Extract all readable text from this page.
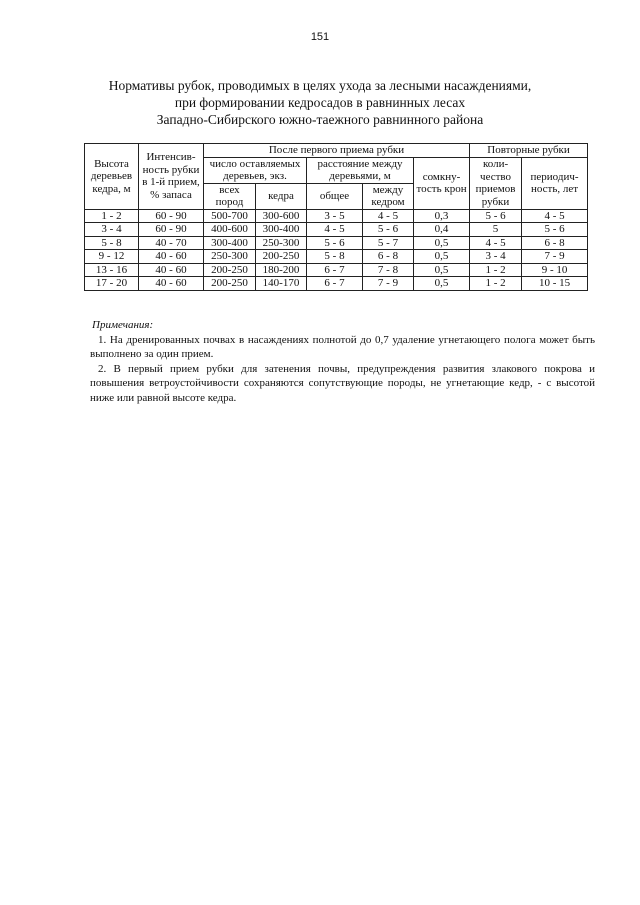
151
Нормативы рубок, проводимых в целях ухода за лесными насаждениями,
при формировании кедросадов в равнинных лесах
Западно-Сибирского южно-таежного равнинного района
Высота деревьев кедра, м	Интенсив-ность рубки в 1-й прием, % запаса	После первого приема рубки					Повторные рубки	
		число оставляемых деревьев, экз.		расстояние между деревьями, м		сомкну-тость крон	коли-чество приемов рубки	периодич-ность, лет
		всех пород	кедра	общее	между кедром			
1 - 2	60 - 90	500-700	300-600	3 - 5	4 - 5	0,3	5 - 6	4 - 5
3 - 4	60 - 90	400-600	300-400	4 - 5	5 - 6	0,4	5	5 - 6
5 - 8	40 - 70	300-400	250-300	5 - 6	5 - 7	0,5	4 - 5	6 - 8
9 - 12	40 - 60	250-300	200-250	5 - 8	6 - 8	0,5	3 - 4	7 - 9
13 - 16	40 - 60	200-250	180-200	6 - 7	7 - 8	0,5	1 - 2	9 - 10
17 - 20	40 - 60	200-250	140-170	6 - 7	7 - 9	0,5	1 - 2	10 - 15
Примечания:
1. На дренированных почвах в насаждениях полнотой до 0,7 удаление угнетающего полога может быть выполнено за один прием.
2. В первый прием рубки для затенения почвы, предупреждения развития злакового покрова и повышения ветроустойчивости сохраняются сопутствующие породы, не угнетающие кедр, - с высотой ниже или равной высоте кедра.
